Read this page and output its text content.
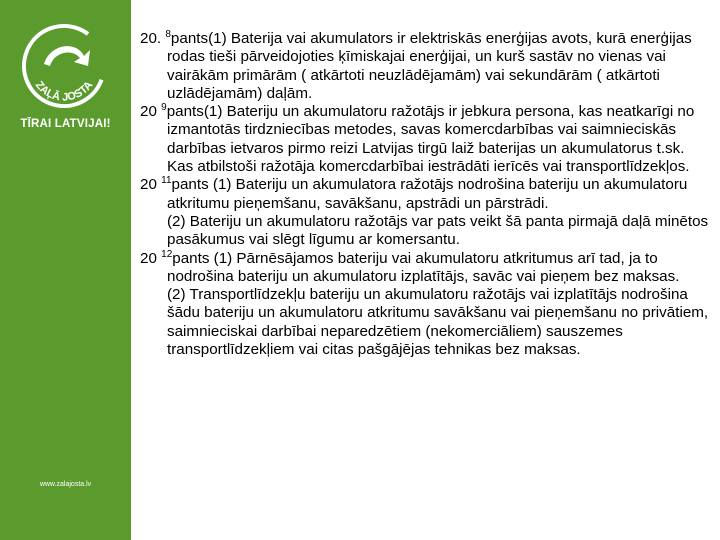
ZAĻĀ JOSTA
TĪRAI LATVIJAI!
www.zalajosta.lv

20. $^8$pants(1) Baterija vai akumulators ir elektriskās enerģijas avots, kurā enerģijas rodas tieši pārveidojoties ķīmiskajai enerģijai, un kurš sastāv no vienas vai vairākām primārām ( atkārtoti neuzlādējamām) vai sekundārām ( atkārtoti uzlādējamām) daļām.

20 $^9$pants(1) Bateriju un akumulatoru ražotājs ir jebkura persona, kas neatkarīgi no izmantotās tirdzniecības metodes, savas komercdarbības vai saimnieciskās darbības ietvaros pirmo reizi Latvijas tirgū laiž baterijas un akumulatorus t.sk. Kas atbilstoši ražotāja komercdarbībai iestrādāti ierīcēs vai transportlīdzekļos.

20 $^{11}$pants (1) Bateriju un akumulatora ražotājs nodrošina bateriju un akumulatoru atkritumu pieņemšanu, savākšanu, apstrādi un pārstrādi.

(2) Bateriju un akumulatoru ražotājs var pats veikt šā panta pirmajā daļā minētos pasākumus vai slēgt līgumu ar komersantu.

20 $^{12}$pants (1) Pārnēsājamos bateriju vai akumulatoru atkritumus arī tad, ja to nodrošina bateriju un akumulatoru izplatītājs, savāc vai pieņem bez maksas.

(2) Transportlīdzekļu bateriju un akumulatoru ražotājs vai izplatītājs nodrošina šādu bateriju un akumulatoru atkritumu savākšanu vai pieņemšanu no privātiem, saimnieciskai darbībai neparedzētiem (nekomerciāliem) sauszemes transportlīdzekļiem vai citas pašgājējas tehnikas bez maksas.
